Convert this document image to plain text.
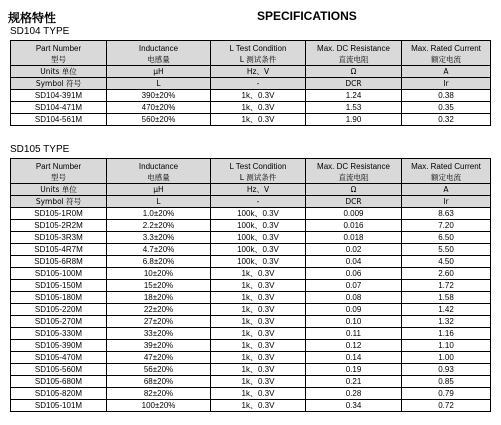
规格特性	SPECIFICATIONS
SD104 TYPE
Part Number	Inductance	L Test Condition	Max. DC Resistance	Max. Rated Current
型号	电感量	L 测试条件	直流电阻	额定电流
Units 单位	μH	Hz、V	Ω	A
Symbol 符号	L	-	DCR	Ir
SD104-391M	390±20%	1k、0.3V	1.24	0.38
SD104-471M	470±20%	1k、0.3V	1.53	0.35
SD104-561M	560±20%	1k、0.3V	1.90	0.32
SD105 TYPE
Part Number	Inductance	L Test Condition	Max. DC Resistance	Max. Rated Current
型号	电感量	L 测试条件	直流电阻	额定电流
Units 单位	μH	Hz、V	Ω	A
Symbol 符号	L	-	DCR	Ir
SD105-1R0M	1.0±20%	100k、0.3V	0.009	8.63
SD105-2R2M	2.2±20%	100k、0.3V	0.016	7.20
SD105-3R3M	3.3±20%	100k、0.3V	0.018	6.50
SD105-4R7M	4.7±20%	100k、0.3V	0.02	5.50
SD105-6R8M	6.8±20%	100k、0.3V	0.04	4.50
SD105-100M	10±20%	1k、0.3V	0.06	2.60
SD105-150M	15±20%	1k、0.3V	0.07	1.72
SD105-180M	18±20%	1k、0.3V	0.08	1.58
SD105-220M	22±20%	1k、0.3V	0.09	1.42
SD105-270M	27±20%	1k、0.3V	0.10	1.32
SD105-330M	33±20%	1k、0.3V	0.11	1.16
SD105-390M	39±20%	1k、0.3V	0.12	1.10
SD105-470M	47±20%	1k、0.3V	0.14	1.00
SD105-560M	56±20%	1k、0.3V	0.19	0.93
SD105-680M	68±20%	1k、0.3V	0.21	0.85
SD105-820M	82±20%	1k、0.3V	0.28	0.79
SD105-101M	100±20%	1k、0.3V	0.34	0.72
